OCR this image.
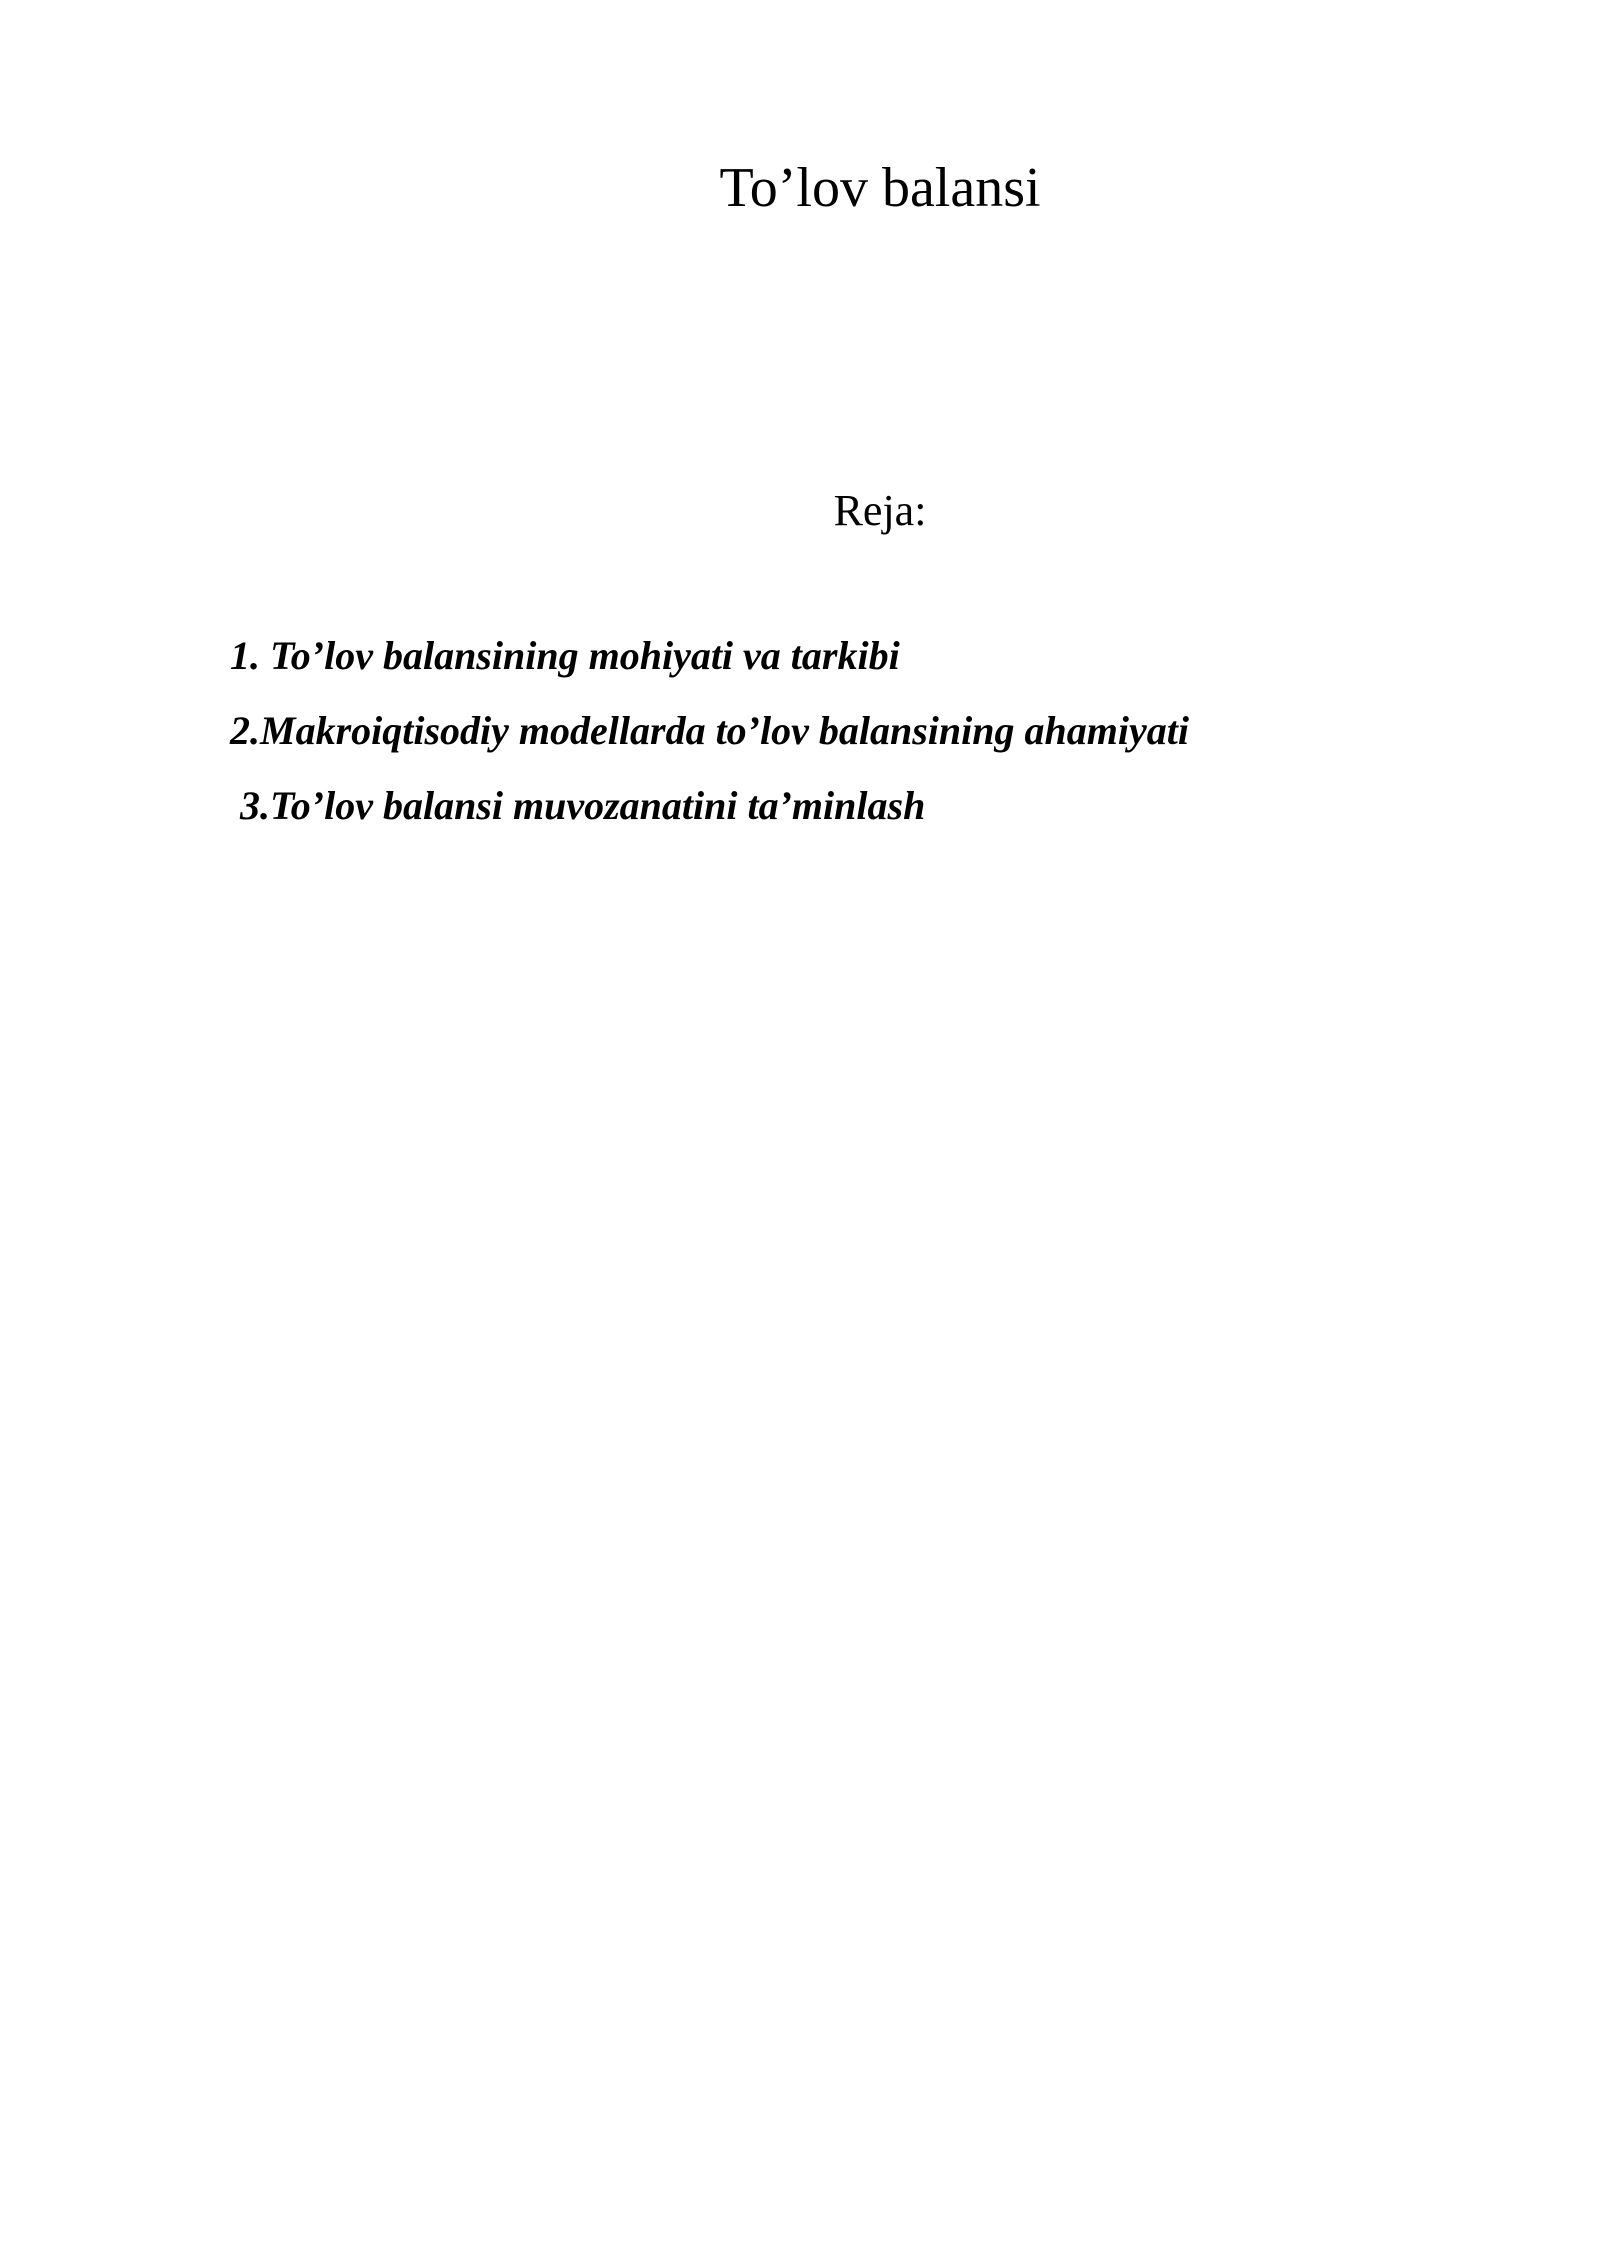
To’lov balansi
Reja:
1. To’lov balansining mohiyati va tarkibi
2.Makroiqtisodiy modellarda to’lov balansining ahamiyati
3.To’lov balansi muvozanatini ta’minlash
